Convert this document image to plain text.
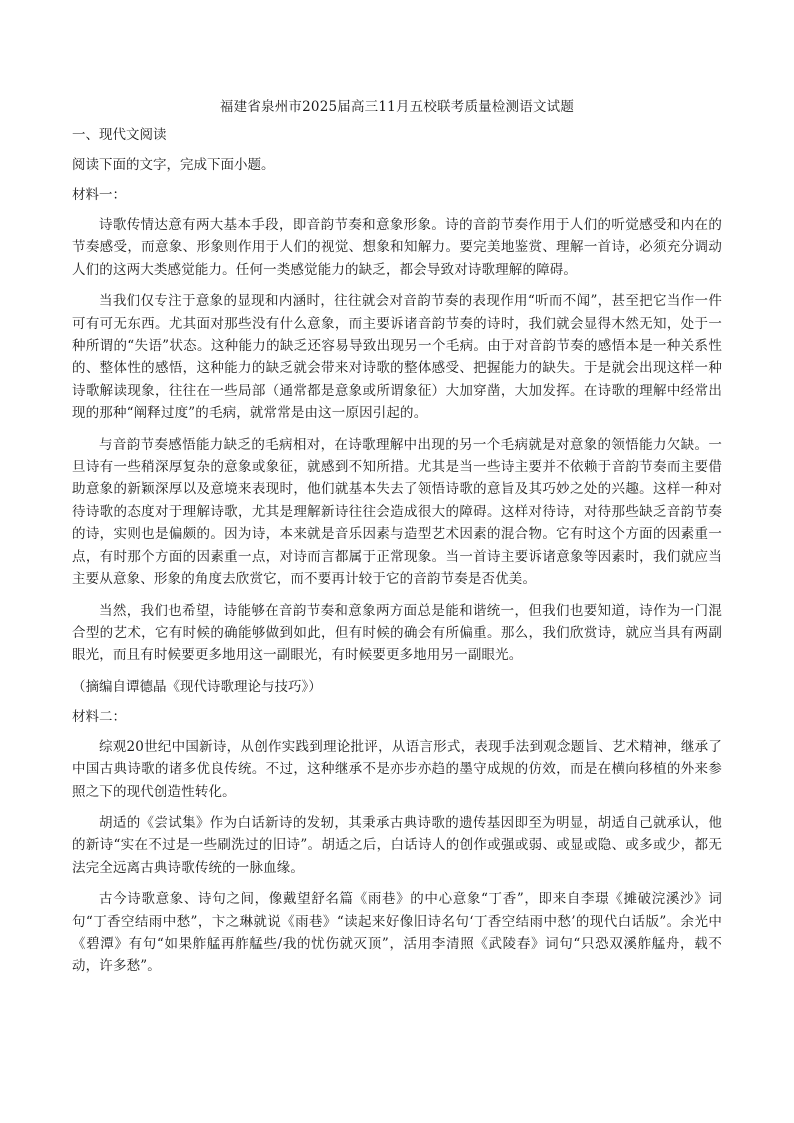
福建省泉州市2025届高三11月五校联考质量检测语文试题
一、现代文阅读
阅读下面的文字，完成下面小题。
材料一：

诗歌传情达意有两大基本手段，即音韵节奏和意象形象。诗的音韵节奏作用于人们的听觉感受和内在的节奏感受，而意象、形象则作用于人们的视觉、想象和知解力。要完美地鉴赏、理解一首诗，必须充分调动人们的这两大类感觉能力。任何一类感觉能力的缺乏，都会导致对诗歌理解的障碍。

当我们仅专注于意象的显现和内涵时，往往就会对音韵节奏的表现作用“听而不闻”，甚至把它当作一件可有可无东西。尤其面对那些没有什么意象，而主要诉诸音韵节奏的诗时，我们就会显得木然无知，处于一种所谓的“失语”状态。这种能力的缺乏还容易导致出现另一个毛病。由于对音韵节奏的感悟本是一种关系性的、整体性的感悟，这种能力的缺乏就会带来对诗歌的整体感受、把握能力的缺失。于是就会出现这样一种诗歌解读现象，往往在一些局部（通常都是意象或所谓象征）大加穿凿，大加发挥。在诗歌的理解中经常出现的那种“阐释过度”的毛病，就常常是由这一原因引起的。

与音韵节奏感悟能力缺乏的毛病相对，在诗歌理解中出现的另一个毛病就是对意象的领悟能力欠缺。一旦诗有一些稍深厚复杂的意象或象征，就感到不知所措。尤其是当一些诗主要并不依赖于音韵节奏而主要借助意象的新颖深厚以及意境来表现时，他们就基本失去了领悟诗歌的意旨及其巧妙之处的兴趣。这样一种对待诗歌的态度对于理解诗歌，尤其是理解新诗往往会造成很大的障碍。这样对待诗，对待那些缺乏音韵节奏的诗，实则也是偏颇的。因为诗，本来就是音乐因素与造型艺术因素的混合物。它有时这个方面的因素重一点，有时那个方面的因素重一点，对诗而言都属于正常现象。当一首诗主要诉诸意象等因素时，我们就应当主要从意象、形象的角度去欣赏它，而不要再计较于它的音韵节奏是否优美。

当然，我们也希望，诗能够在音韵节奏和意象两方面总是能和谐统一，但我们也要知道，诗作为一门混合型的艺术，它有时候的确能够做到如此，但有时候的确会有所偏重。那么，我们欣赏诗，就应当具有两副眼光，而且有时候要更多地用这一副眼光，有时候要更多地用另一副眼光。

（摘编自谭德晶《现代诗歌理论与技巧》）
材料二：

综观20世纪中国新诗，从创作实践到理论批评，从语言形式，表现手法到观念题旨、艺术精神，继承了中国古典诗歌的诸多优良传统。不过，这种继承不是亦步亦趋的墨守成规的仿效，而是在横向移植的外来参照之下的现代创造性转化。

胡适的《尝试集》作为白话新诗的发轫，其秉承古典诗歌的遗传基因即至为明显，胡适自己就承认，他的新诗“实在不过是一些刷洗过的旧诗”。胡适之后，白话诗人的创作或强或弱、或显或隐、或多或少，都无法完全远离古典诗歌传统的一脉血缘。

古今诗歌意象、诗句之间，像戴望舒名篇《雨巷》的中心意象“丁香”，即来自李璟《摊破浣溪沙》词句“丁香空结雨中愁”，卞之琳就说《雨巷》“读起来好像旧诗名句‘丁香空结雨中愁’的现代白话版”。余光中《碧潭》有句“如果舴艋再舴艋些/我的忧伤就灭顶”，活用李清照《武陵春》词句“只恐双溪舴艋舟，载不动，许多愁”。
